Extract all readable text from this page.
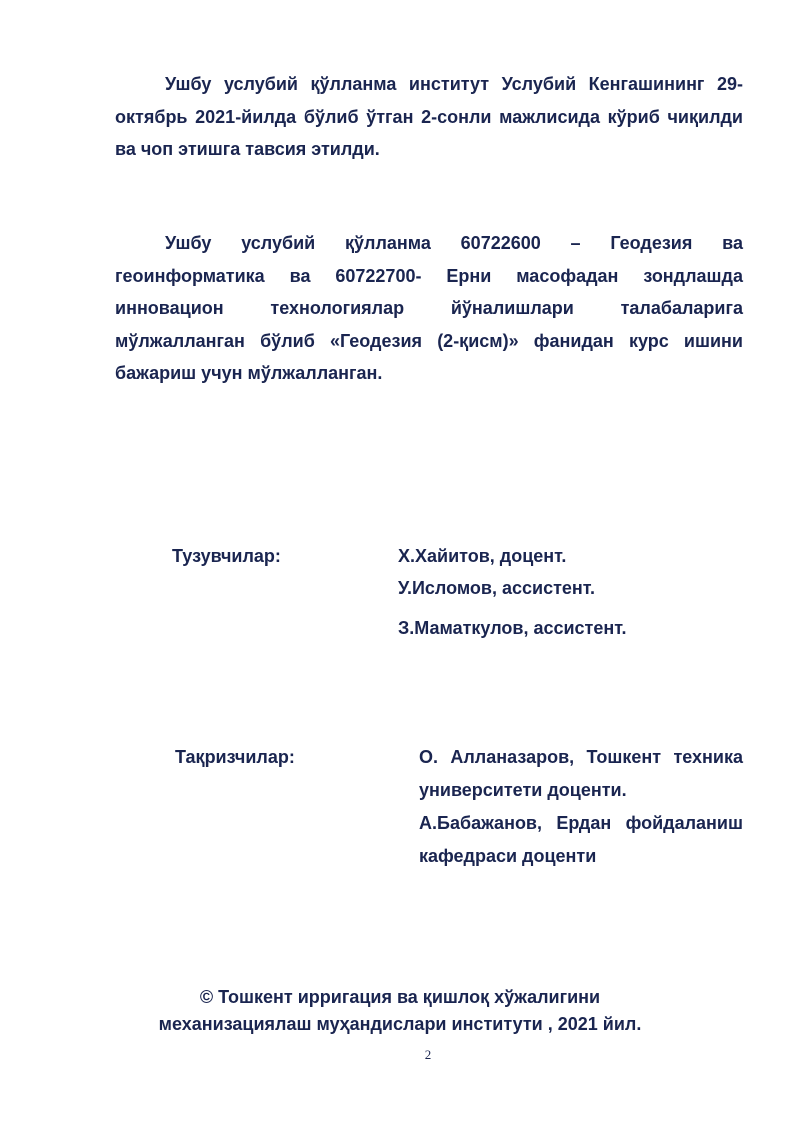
Ушбу услубий қўлланма институт Услубий Кенгашининг 29- октябрь 2021-йилда бўлиб ўтган 2-сонли мажлисида кўриб чиқилди ва чоп этишга тавсия этилди.

Ушбу услубий қўлланма 60722600 – Геодезия ва геоинформатика ва 60722700- Ерни масофадан зондлашда инновацион технологиялар йўналишлари талабаларига мўлжалланган бўлиб «Геодезия (2-қисм)» фанидан курс ишини бажариш учун мўлжалланган.

Тузувчилар:	Х.Хайитов, доцент.
У.Исломов, ассистент.
З.Маматкулов, ассистент.
Тақризчилар:	О. Алланазаров, Тошкент техника университети доценти.
А.Бабажанов, Ердан фойдаланиш кафедраси доценти
© Тошкент ирригация ва қишлоқ хўжалигини
механизациялаш муҳандислари институти , 2021 йил.
2
